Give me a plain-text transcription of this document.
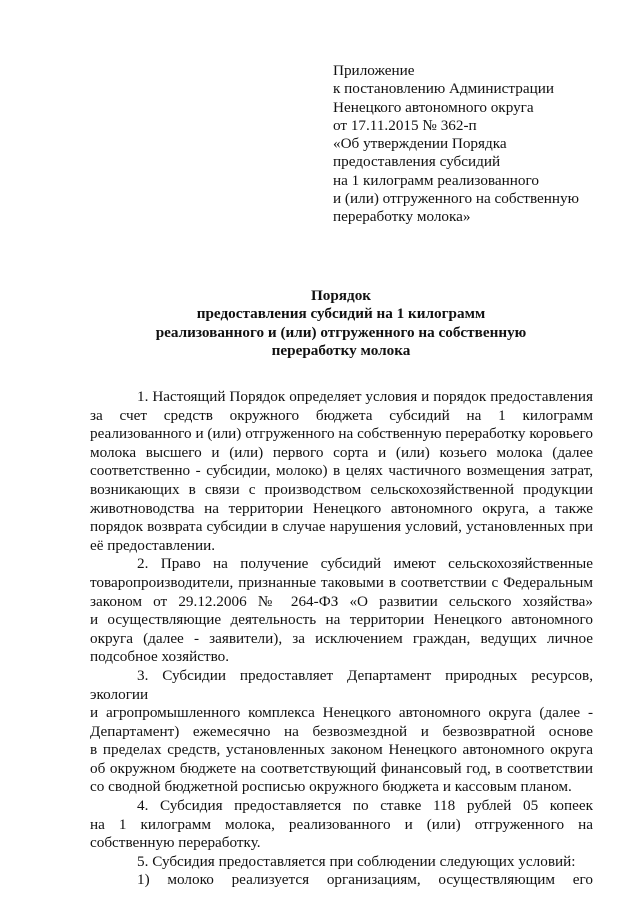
Приложение
к постановлению Администрации
Ненецкого автономного округа
от 17.11.2015 № 362-п
«Об утверждении Порядка
предоставления субсидий
на 1 килограмм реализованного
и (или) отгруженного на собственную
переработку молока»
Порядок
предоставления субсидий на 1 килограмм
реализованного и (или) отгруженного на собственную
переработку молока
1. Настоящий Порядок определяет условия и порядок предоставления
за счет средств окружного бюджета субсидий на 1 килограмм
реализованного и (или) отгруженного на собственную переработку коровьего
молока высшего и (или) первого сорта и (или) козьего молока (далее
соответственно - субсидии, молоко) в целях частичного возмещения затрат,
возникающих в связи с производством сельскохозяйственной продукции
животноводства на территории Ненецкого автономного округа, а также
порядок возврата субсидии в случае нарушения условий, установленных при
её предоставлении.
2. Право на получение субсидий имеют сельскохозяйственные
товаропроизводители, признанные таковыми в соответствии с Федеральным
законом от 29.12.2006 № 264-ФЗ «О развитии сельского хозяйства»
и осуществляющие деятельность на территории Ненецкого автономного
округа (далее - заявители), за исключением граждан, ведущих личное
подсобное хозяйство.
3. Субсидии предоставляет Департамент природных ресурсов, экологии
и агропромышленного комплекса Ненецкого автономного округа (далее -
Департамент) ежемесячно на безвозмездной и безвозвратной основе
в пределах средств, установленных законом Ненецкого автономного округа
об окружном бюджете на соответствующий финансовый год, в соответствии
со сводной бюджетной росписью окружного бюджета и кассовым планом.
4. Субсидия предоставляется по ставке 118 рублей 05 копеек
на 1 килограмм молока, реализованного и (или) отгруженного на
собственную переработку.
5. Субсидия предоставляется при соблюдении следующих условий:
1) молоко реализуется организациям, осуществляющим его
